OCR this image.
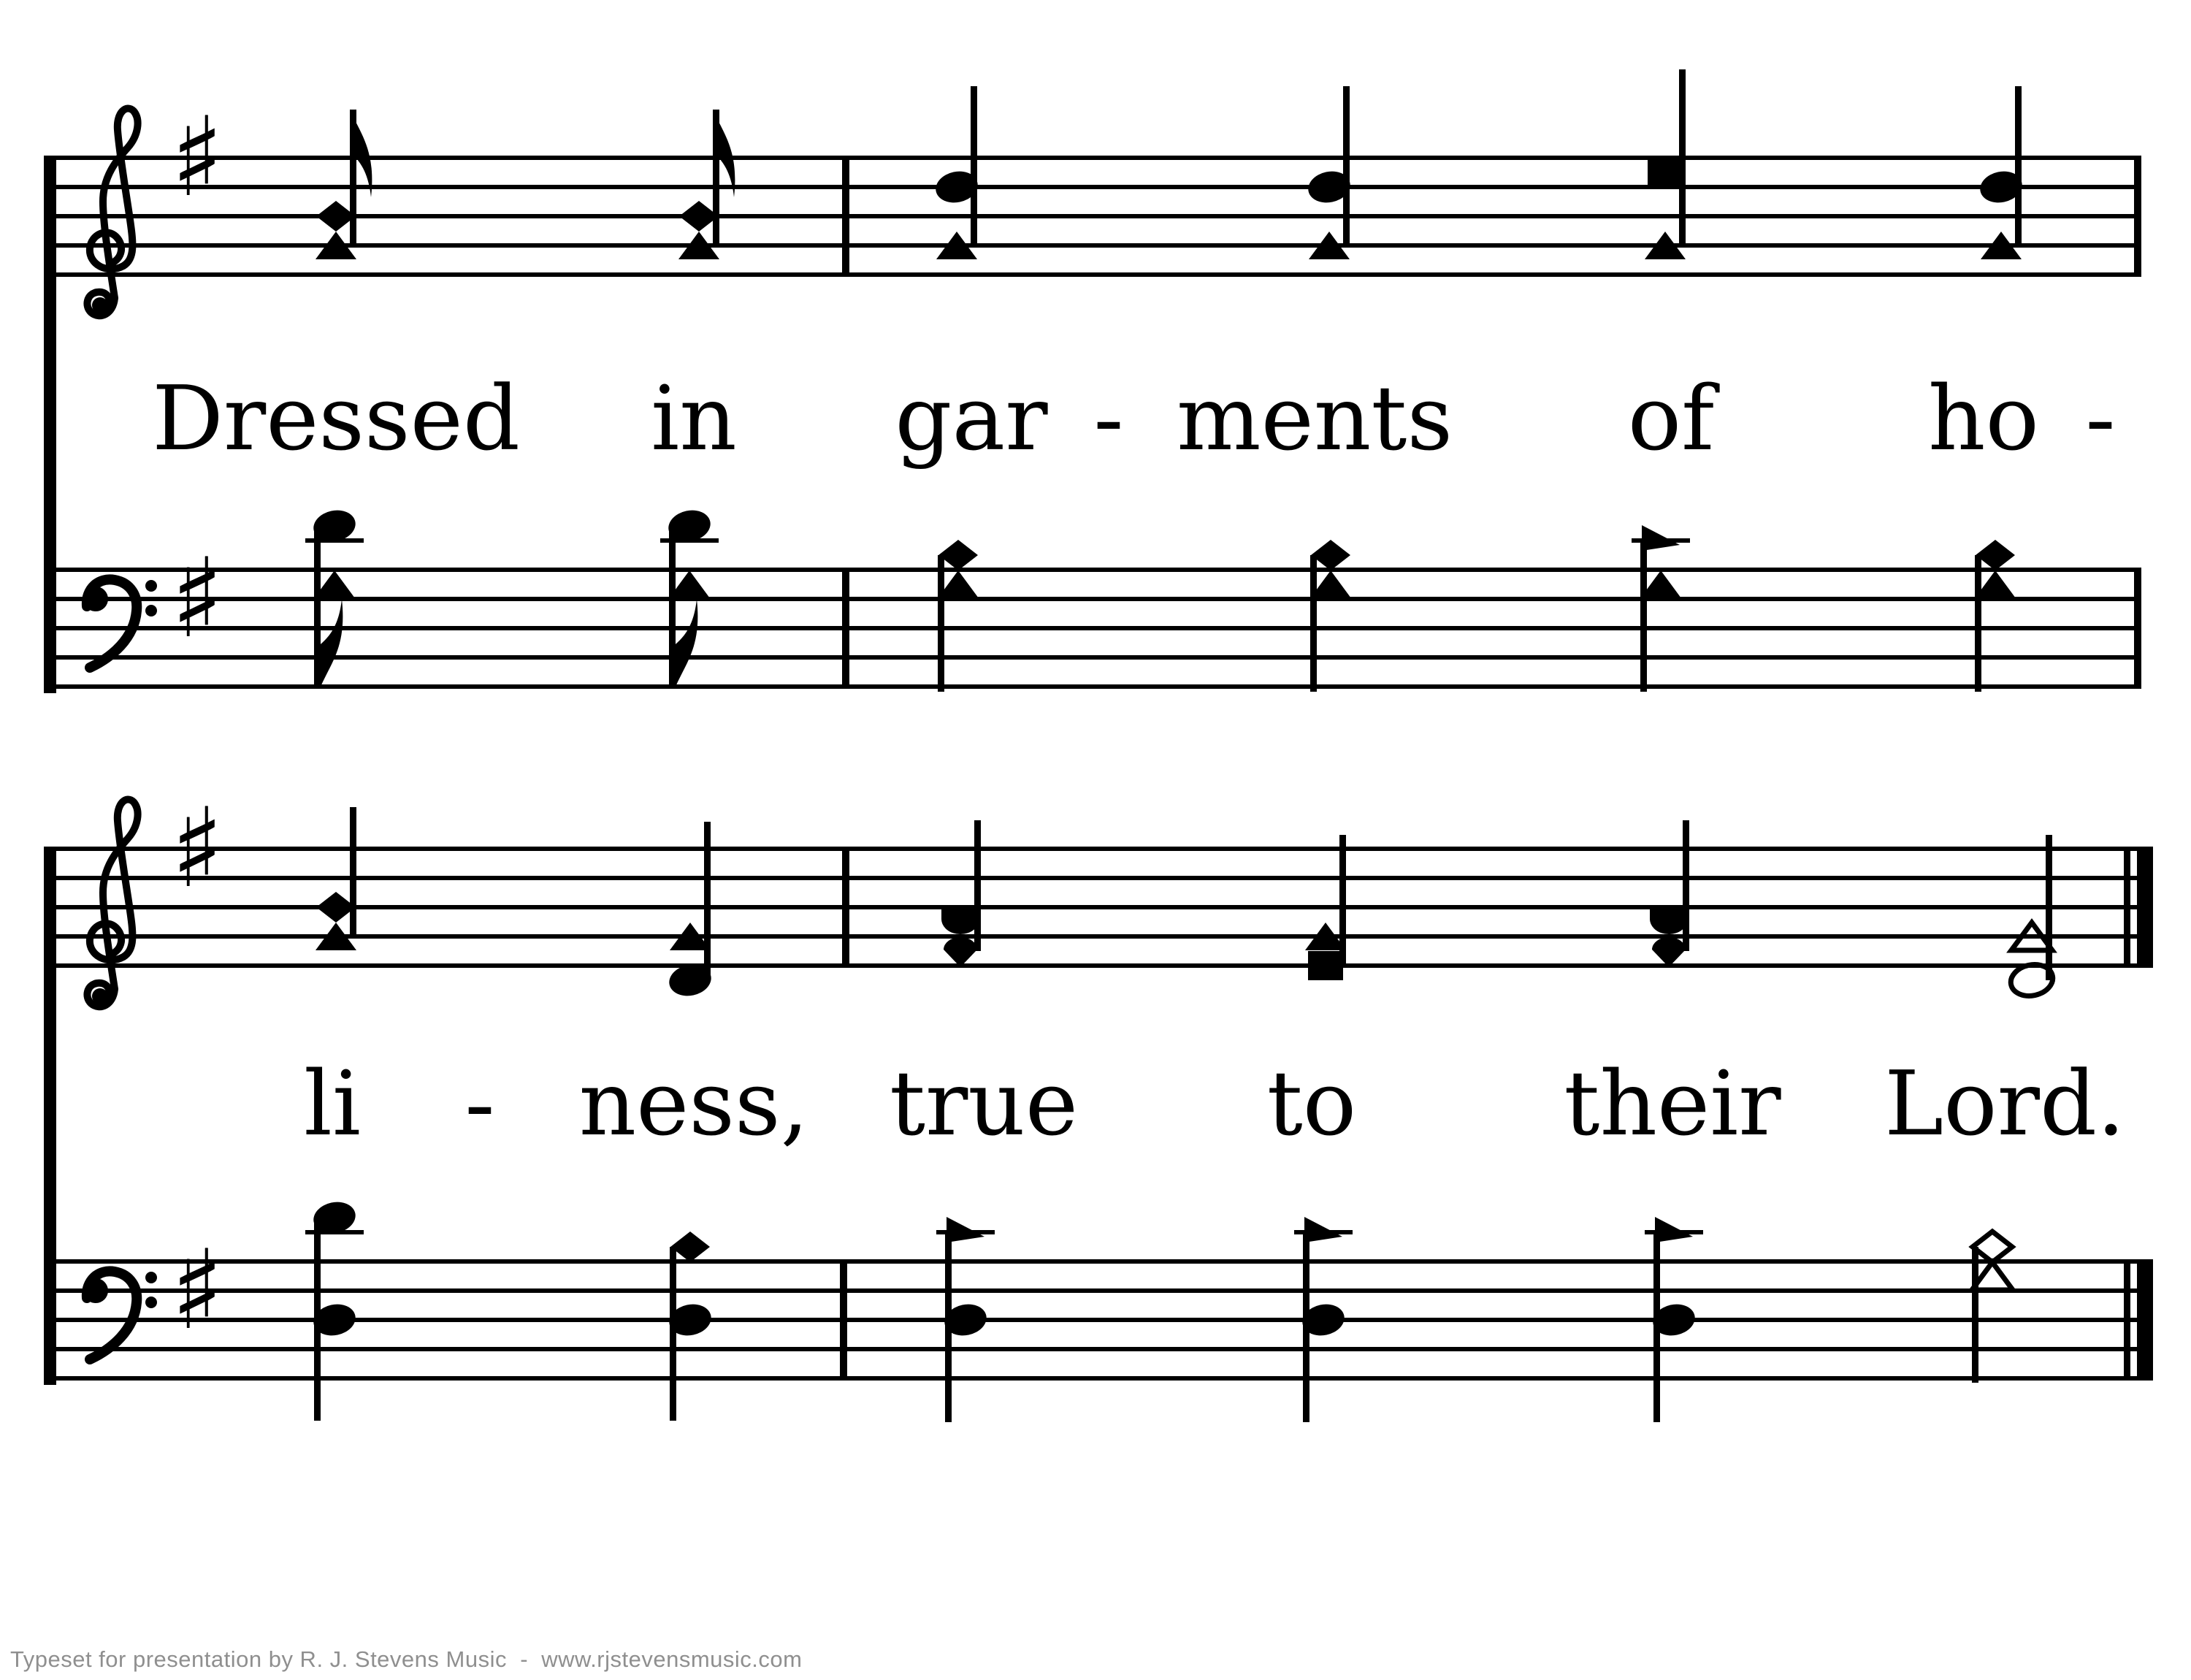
♯
♯
♯
♯
Dressed in gar - ments of ho -
li - ness, true to their Lord.
Typeset for presentation by R. J. Stevens Music  -  www.rjstevensmusic.com
